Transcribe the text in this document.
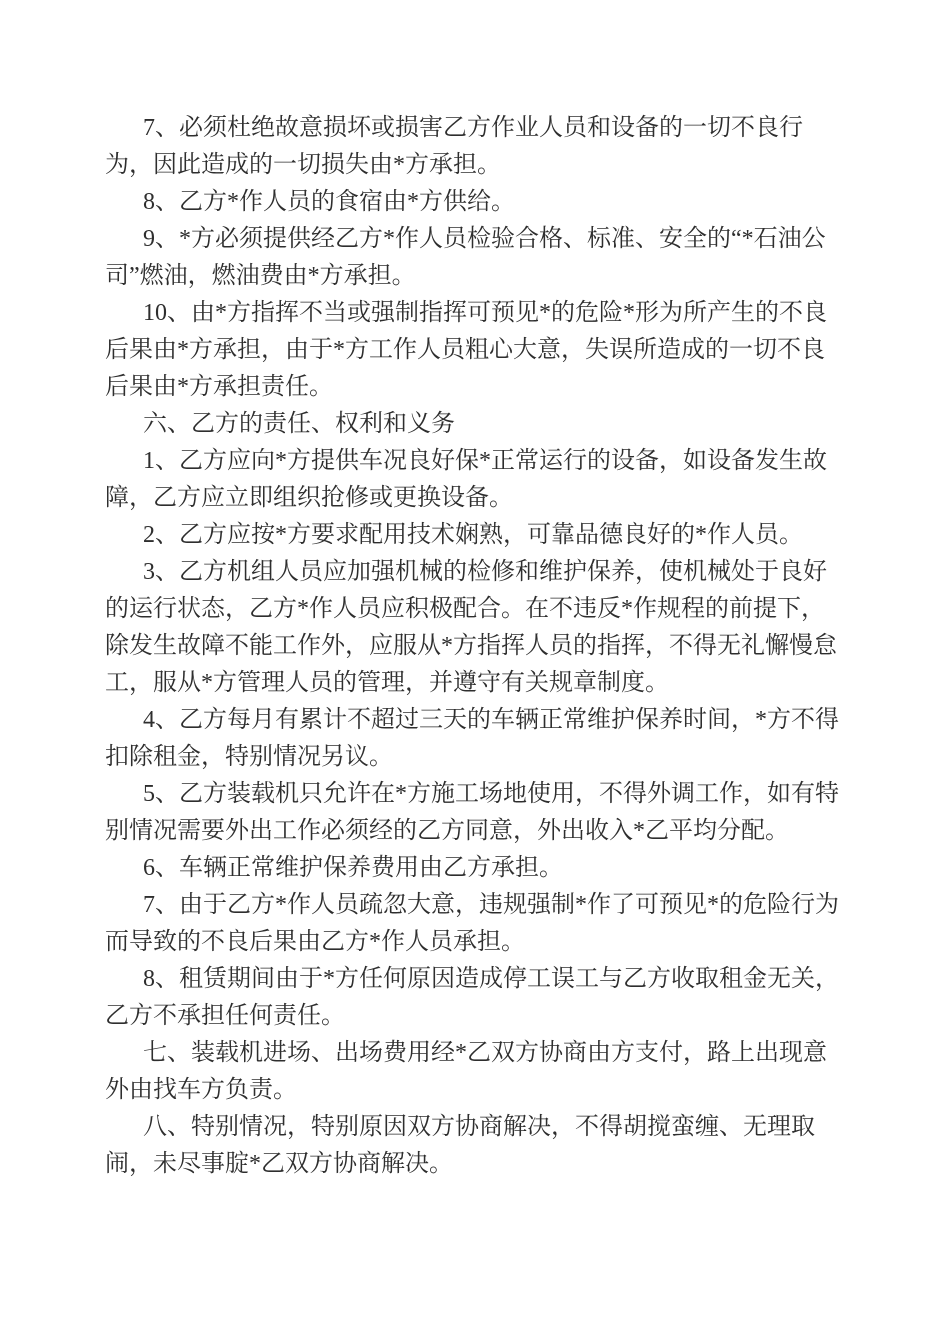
7、必须杜绝故意损坏或损害乙方作业人员和设备的一切不良行为，因此造成的一切损失由*方承担。

8、乙方*作人员的食宿由*方供给。

9、*方必须提供经乙方*作人员检验合格、标准、安全的“*石油公司”燃油，燃油费由*方承担。

10、由*方指挥不当或强制指挥可预见*的危险*形为所产生的不良后果由*方承担，由于*方工作人员粗心大意，失误所造成的一切不良后果由*方承担责任。

六、乙方的责任、权利和义务

1、乙方应向*方提供车况良好保*正常运行的设备，如设备发生故障，乙方应立即组织抢修或更换设备。

2、乙方应按*方要求配用技术娴熟，可靠品德良好的*作人员。

3、乙方机组人员应加强机械的检修和维护保养，使机械处于良好的运行状态，乙方*作人员应积极配合。在不违反*作规程的前提下，除发生故障不能工作外，应服从*方指挥人员的指挥，不得无礼懈慢怠工，服从*方管理人员的管理，并遵守有关规章制度。

4、乙方每月有累计不超过三天的车辆正常维护保养时间，*方不得扣除租金，特别情况另议。

5、乙方装载机只允许在*方施工场地使用，不得外调工作，如有特别情况需要外出工作必须经的乙方同意，外出收入*乙平均分配。

6、车辆正常维护保养费用由乙方承担。

7、由于乙方*作人员疏忽大意，违规强制*作了可预见*的危险行为而导致的不良后果由乙方*作人员承担。

8、租赁期间由于*方任何原因造成停工误工与乙方收取租金无关，乙方不承担任何责任。

七、装载机进场、出场费用经*乙双方协商由方支付，路上出现意外由找车方负责。

八、特别情况，特别原因双方协商解决，不得胡搅蛮缠、无理取闹，未尽事腚*乙双方协商解决。
